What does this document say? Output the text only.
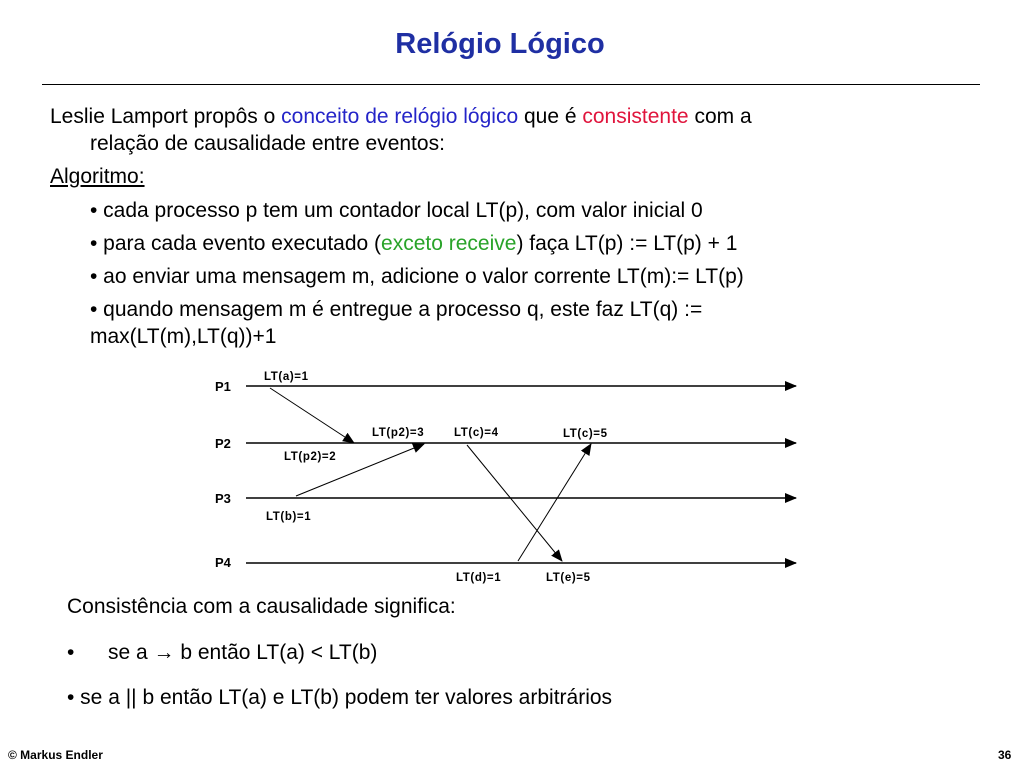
Relógio Lógico
Leslie Lamport propôs o conceito de relógio lógico que é consistente com a
relação de causalidade entre eventos:
Algoritmo:
• cada processo p tem um contador local LT(p), com valor inicial 0
• para cada evento executado (exceto receive) faça LT(p) := LT(p) + 1
• ao enviar uma mensagem m, adicione o valor corrente LT(m):= LT(p)
• quando mensagem m é entregue a processo q, este faz LT(q) :=
max(LT(m),LT(q))+1
P1
P2
P3
P4
LT(a)=1
LT(p2)=3	LT(c)=4	LT(c)=5
LT(p2)=2
LT(b)=1
LT(d)=1	LT(e)=5
Consistência com a causalidade significa:
• se a → b então LT(a) < LT(b)
• se a || b então LT(a) e LT(b) podem ter valores arbitrários
© Markus Endler	36
